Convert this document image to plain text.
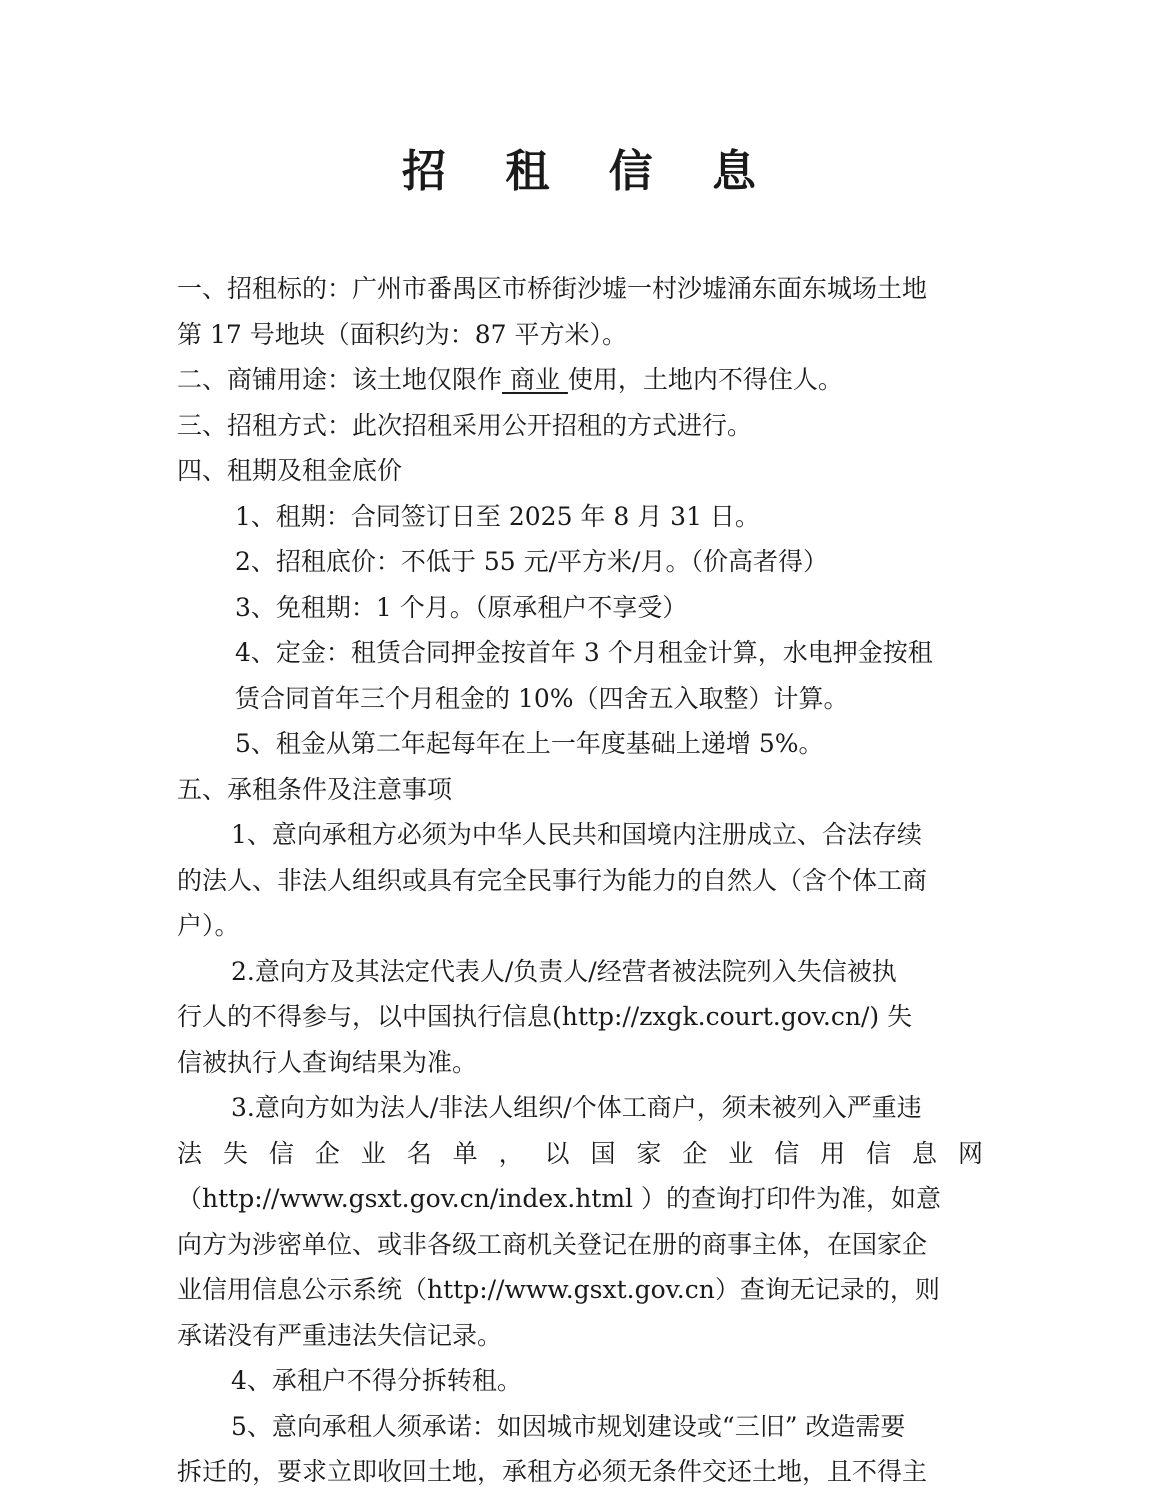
招 租 信 息
一、招租标的：广州市番禺区市桥街沙墟一村沙墟涌东面东城场土地
第 17 号地块（面积约为：87 平方米）。
二、商铺用途：该土地仅限作 商业 使用，土地内不得住人。
三、招租方式：此次招租采用公开招租的方式进行。
四、租期及租金底价
1、租期：合同签订日至 2025 年 8 月 31 日。
2、招租底价：不低于 55 元/平方米/月。（价高者得）
3、免租期：1 个月。（原承租户不享受）
4、定金：租赁合同押金按首年 3 个月租金计算，水电押金按租
赁合同首年三个月租金的 10%（四舍五入取整）计算。
5、租金从第二年起每年在上一年度基础上递增 5%。
五、承租条件及注意事项
1、意向承租方必须为中华人民共和国境内注册成立、合法存续
的法人、非法人组织或具有完全民事行为能力的自然人（含个体工商
户）。
2.意向方及其法定代表人/负责人/经营者被法院列入失信被执
行人的不得参与，以中国执行信息(http://zxgk.court.gov.cn/) 失
信被执行人查询结果为准。
3.意向方如为法人/非法人组织/个体工商户，须未被列入严重违
法 失 信 企 业 名 单 ， 以 国 家 企 业 信 用 信 息 网
（http://www.gsxt.gov.cn/index.html ）的查询打印件为准，如意
向方为涉密单位、或非各级工商机关登记在册的商事主体，在国家企
业信用信息公示系统（http://www.gsxt.gov.cn）查询无记录的，则
承诺没有严重违法失信记录。
4、承租户不得分拆转租。
5、意向承租人须承诺：如因城市规划建设或“三旧” 改造需要
拆迁的，要求立即收回土地，承租方必须无条件交还土地，且不得主
